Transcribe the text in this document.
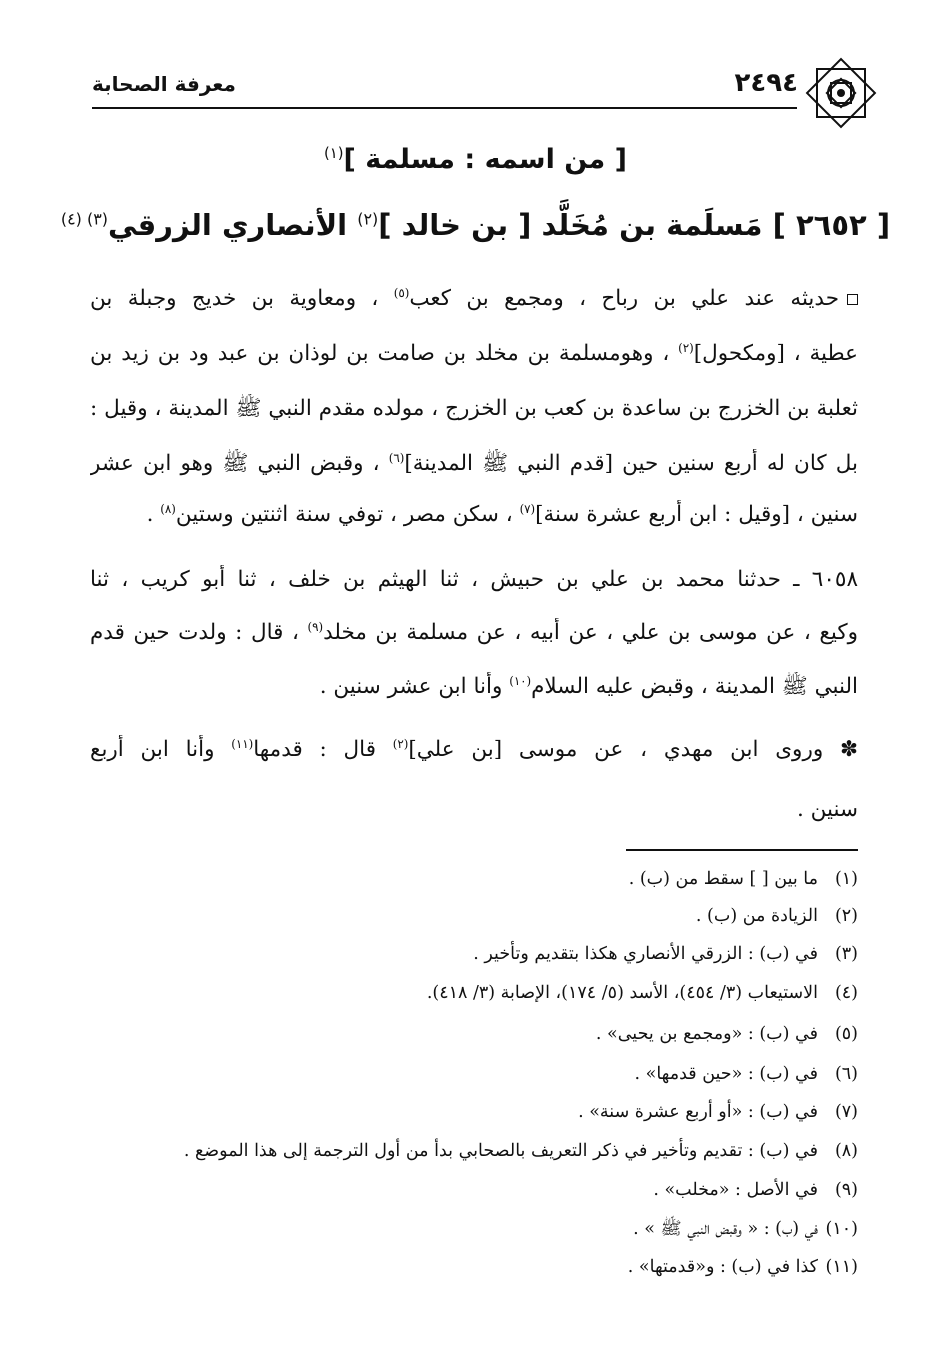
٢٤٩٤
معرفة الصحابة
[ من اسمه : مسلمة ]$^{(١)}$
[ ٢٦٥٢ ] مَسلَمة بن مُخَلَّد [ بن خالد ]$^{(٢)}$ الأنصاري الزرقي$^{(٣) (٤)}$
حديثه عند علي بن رباح ، ومجمع بن كعب$^{(٥)}$ ، ومعاوية بن خديج وجبلة بن
عطية ، [ومكحول]$^{(٢)}$ ، وهومسلمة بن مخلد بن صامت بن لوذان بن عبد ود بن زيد بن
ثعلبة بن الخزرج بن ساعدة بن كعب بن الخزرج ، مولده مقدم النبي ﷺ المدينة ، وقيل :
بل كان له أربع سنين حين [قدم النبي ﷺ المدينة]$^{(٦)}$ ، وقبض النبي ﷺ وهو ابن عشر
سنين ، [وقيل : ابن أربع عشرة سنة]$^{(٧)}$ ، سكن مصر ، توفي سنة اثنتين وستين$^{(٨)}$ .
٦٠٥٨ ـ حدثنا محمد بن علي بن حبيش ، ثنا الهيثم بن خلف ، ثنا أبو كريب ، ثنا
وكيع ، عن موسى بن علي ، عن أبيه ، عن مسلمة بن مخلد$^{(٩)}$ ، قال : ولدت حين قدم
النبي ﷺ المدينة ، وقبض عليه السلام$^{(١٠)}$ وأنا ابن عشر سنين .
✽ وروى ابن مهدي ، عن موسى [بن علي]$^{(٢)}$ قال : قدمها$^{(١١)}$ وأنا ابن أربع
سنين .
(١)ما بين [ ] سقط من (ب) .
(٢)الزيادة من (ب) .
(٣)في (ب) : الزرقي الأنصاري هكذا بتقديم وتأخير .
(٤)الاستيعاب (٣/ ٤٥٤)، الأسد (٥/ ١٧٤)، الإصابة (٣/ ٤١٨).
(٥)في (ب) : «ومجمع بن يحيى» .
(٦)في (ب) : «حين قدمها» .
(٧)في (ب) : «أو أربع عشرة سنة» .
(٨)في (ب) : تقديم وتأخير في ذكر التعريف بالصحابي بدأ من أول الترجمة إلى هذا الموضع .
(٩)في الأصل : «مخلب» .
(١٠)في (ب) : « وقبض النبي ﷺ » .
(١١)كذا في (ب) : و«قدمتها» .
